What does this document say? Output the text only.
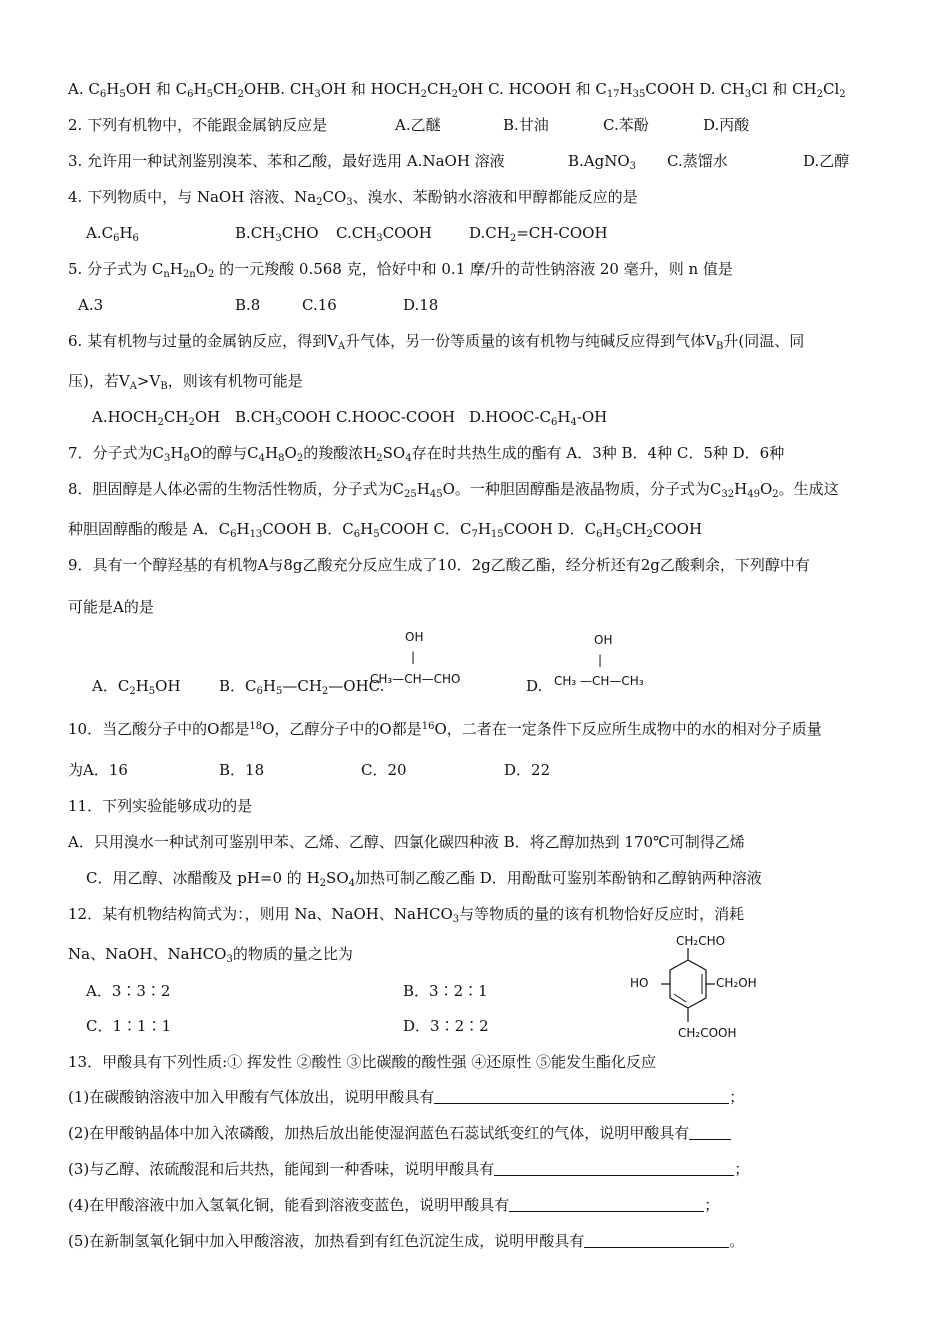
A. $C_6H_5OH$ 和 $C_6H_5CH_2OHB$. $CH_3OH$ 和 $HOCH_2CH_2OH$ C. HCOOH 和 $C_{17}H_{35}COOH$ D. $CH_3Cl$ 和 $CH_2Cl_2$
2. 下列有机物中，不能跟金属钠反应是	A.乙醚	B.甘油	C.苯酚	D.丙酸
3. 允许用一种试剂鉴别溴苯、苯和乙酸，最好选用 A.NaOH 溶液	B.AgNO$_3$ C.蒸馏水	D.乙醇
4. 下列物质中，与 NaOH 溶液、$Na_2CO_3$、溴水、苯酚钠水溶液和甲醇都能反应的是
$A.C_6H_6$	$B.CH_3CHO$ $C.CH_3COOH$ $D.CH_2=CH$-COOH
5. 分子式为 $C_nH_{2n}O_2$ 的一元羧酸 0.568 克，恰好中和 0.1 摩/升的苛性钠溶液 20 毫升，则 n 值是
A.3	B.8	C.16	D.18
6. 某有机物与过量的金属钠反应，得到$V_A$升气体，另一份等质量的该有机物与纯碱反应得到气体$V_B$升(同温、同
压)，若$V_A>V_B$，则该有机物可能是
$A.HOCH_2CH_2OH$ $B.CH_3COOH$ C.HOOC-COOH $D.HOOC-C_6H_4-OH$
7．分子式为$C_3H_8O$的醇与$C_4H_8O_2$的羧酸浓$H_2SO_4$存在时共热生成的酯有 A．3种 B．4种 C．5种 D．6种
8．胆固醇是人体必需的生物活性物质，分子式为$C_{25}H_{45}O$。一种胆固醇酯是液晶物质，分子式为$C_{32}H_{49}O_2$。生成这
种胆固醇酯的酸是 A．$C_6H_{13}COOH$ B．$C_6H_5COOH$ C．$C_7H_{15}COOH$ D．$C_6H_5CH_2COOH$
9．具有一个醇羟基的有机物A与8g乙酸充分反应生成了10．2g乙酸乙酯，经分析还有2g乙酸剩余，下列醇中有
可能是A的是
A．$C_2H_5OH$	B．$C_6H_5—CH_2—OHC$.
OH
|
CH₃—CH—CHO	D.
OH
|
CH₃ —CH—CH₃
10．当乙酸分子中的O都是$^{18}$O，乙醇分子中的O都是$^{16}$O，二者在一定条件下反应所生成物中的水的相对分子质量
为A．16	B．18	C．20	D．22
11．下列实验能够成功的是
A．只用溴水一种试剂可鉴别甲苯、乙烯、乙醇、四氯化碳四种液 B．将乙醇加热到 170℃可制得乙烯
C．用乙醇、冰醋酸及 pH=0 的 $H_2SO_4$加热可制乙酸乙酯 D．用酚酞可鉴别苯酚钠和乙醇钠两种溶液
12．某有机物结构简式为：，则用 Na、NaOH、NaHCO$_3$与等物质的量的该有机物恰好反应时，消耗
Na、NaOH、NaHCO$_3$的物质的量之比为
A．3∶3∶2	B．3∶2∶1
C．1∶1∶1	D．3∶2∶2
CH₂CHO
HO	CH₂OH
CH₂COOH
13．甲酸具有下列性质:① 挥发性 ②酸性 ③比碳酸的酸性强 ④还原性 ⑤能发生酯化反应
(1)在碳酸钠溶液中加入甲酸有气体放出，说明甲酸具有	；
(2)在甲酸钠晶体中加入浓磷酸，加热后放出能使湿润蓝色石蕊试纸变红的气体，说明甲酸具有
(3)与乙醇、浓硫酸混和后共热，能闻到一种香味，说明甲酸具有	；
(4)在甲酸溶液中加入氢氧化铜，能看到溶液变蓝色，说明甲酸具有	；
(5)在新制氢氧化铜中加入甲酸溶液，加热看到有红色沉淀生成，说明甲酸具有	。
